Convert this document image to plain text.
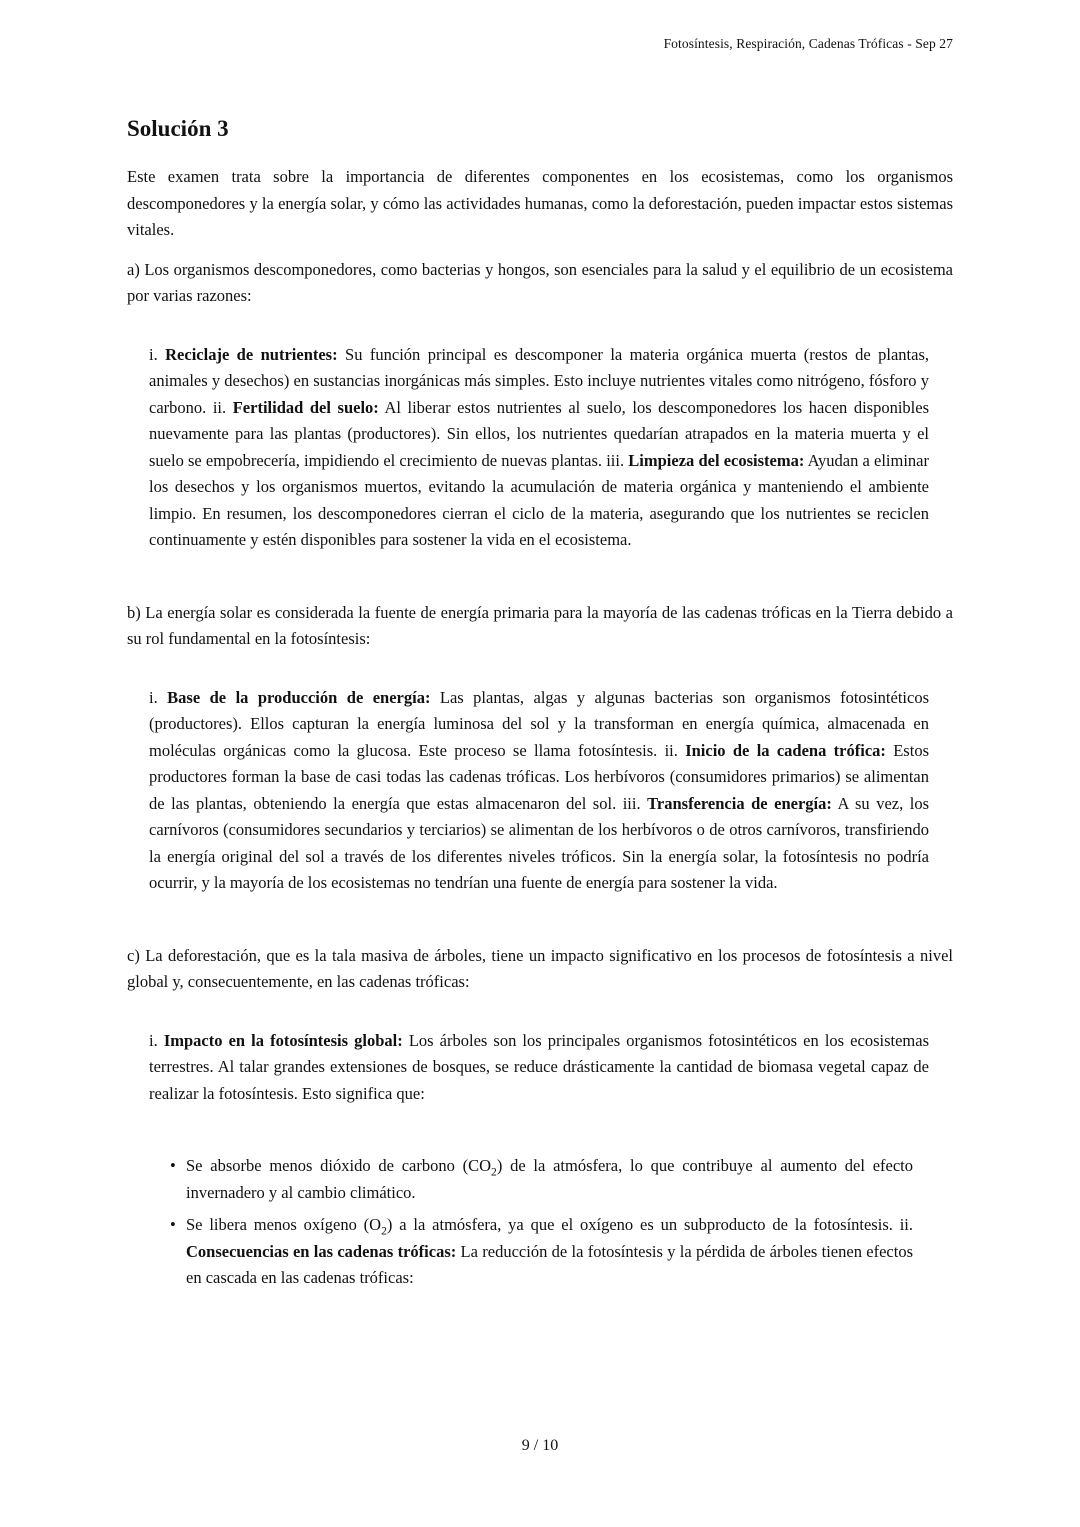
Fotosíntesis, Respiración, Cadenas Tróficas - Sep 27
Solución 3

Este examen trata sobre la importancia de diferentes componentes en los ecosistemas, como los organismos descomponedores y la energía solar, y cómo las actividades humanas, como la deforestación, pueden impactar estos sistemas vitales.

a) Los organismos descomponedores, como bacterias y hongos, son esenciales para la salud y el equilibrio de un ecosistema por varias razones:

i. Reciclaje de nutrientes: Su función principal es descomponer la materia orgánica muerta (restos de plantas, animales y desechos) en sustancias inorgánicas más simples. Esto incluye nutrientes vitales como nitrógeno, fósforo y carbono. ii. Fertilidad del suelo: Al liberar estos nutrientes al suelo, los descomponedores los hacen disponibles nuevamente para las plantas (productores). Sin ellos, los nutrientes quedarían atrapados en la materia muerta y el suelo se empobrecería, impidiendo el crecimiento de nuevas plantas. iii. Limpieza del ecosistema: Ayudan a eliminar los desechos y los organismos muertos, evitando la acumulación de materia orgánica y manteniendo el ambiente limpio. En resumen, los descomponedores cierran el ciclo de la materia, asegurando que los nutrientes se reciclen continuamente y estén disponibles para sostener la vida en el ecosistema.

b) La energía solar es considerada la fuente de energía primaria para la mayoría de las cadenas tróficas en la Tierra debido a su rol fundamental en la fotosíntesis:

i. Base de la producción de energía: Las plantas, algas y algunas bacterias son organismos fotosintéticos (productores). Ellos capturan la energía luminosa del sol y la transforman en energía química, almacenada en moléculas orgánicas como la glucosa. Este proceso se llama fotosíntesis. ii. Inicio de la cadena trófica: Estos productores forman la base de casi todas las cadenas tróficas. Los herbívoros (consumidores primarios) se alimentan de las plantas, obteniendo la energía que estas almacenaron del sol. iii. Transferencia de energía: A su vez, los carnívoros (consumidores secundarios y terciarios) se alimentan de los herbívoros o de otros carnívoros, transfiriendo la energía original del sol a través de los diferentes niveles tróficos. Sin la energía solar, la fotosíntesis no podría ocurrir, y la mayoría de los ecosistemas no tendrían una fuente de energía para sostener la vida.

c) La deforestación, que es la tala masiva de árboles, tiene un impacto significativo en los procesos de fotosíntesis a nivel global y, consecuentemente, en las cadenas tróficas:

i. Impacto en la fotosíntesis global: Los árboles son los principales organismos fotosintéticos en los ecosistemas terrestres. Al talar grandes extensiones de bosques, se reduce drásticamente la cantidad de biomasa vegetal capaz de realizar la fotosíntesis. Esto significa que:
• Se absorbe menos dióxido de carbono $(CO_2)$ de la atmósfera, lo que contribuye al aumento del efecto invernadero y al cambio climático.
• Se libera menos oxígeno $(O_2)$ a la atmósfera, ya que el oxígeno es un subproducto de la fotosíntesis. ii. Consecuencias en las cadenas tróficas: La reducción de la fotosíntesis y la pérdida de árboles tienen efectos en cascada en las cadenas tróficas:
9 / 10
